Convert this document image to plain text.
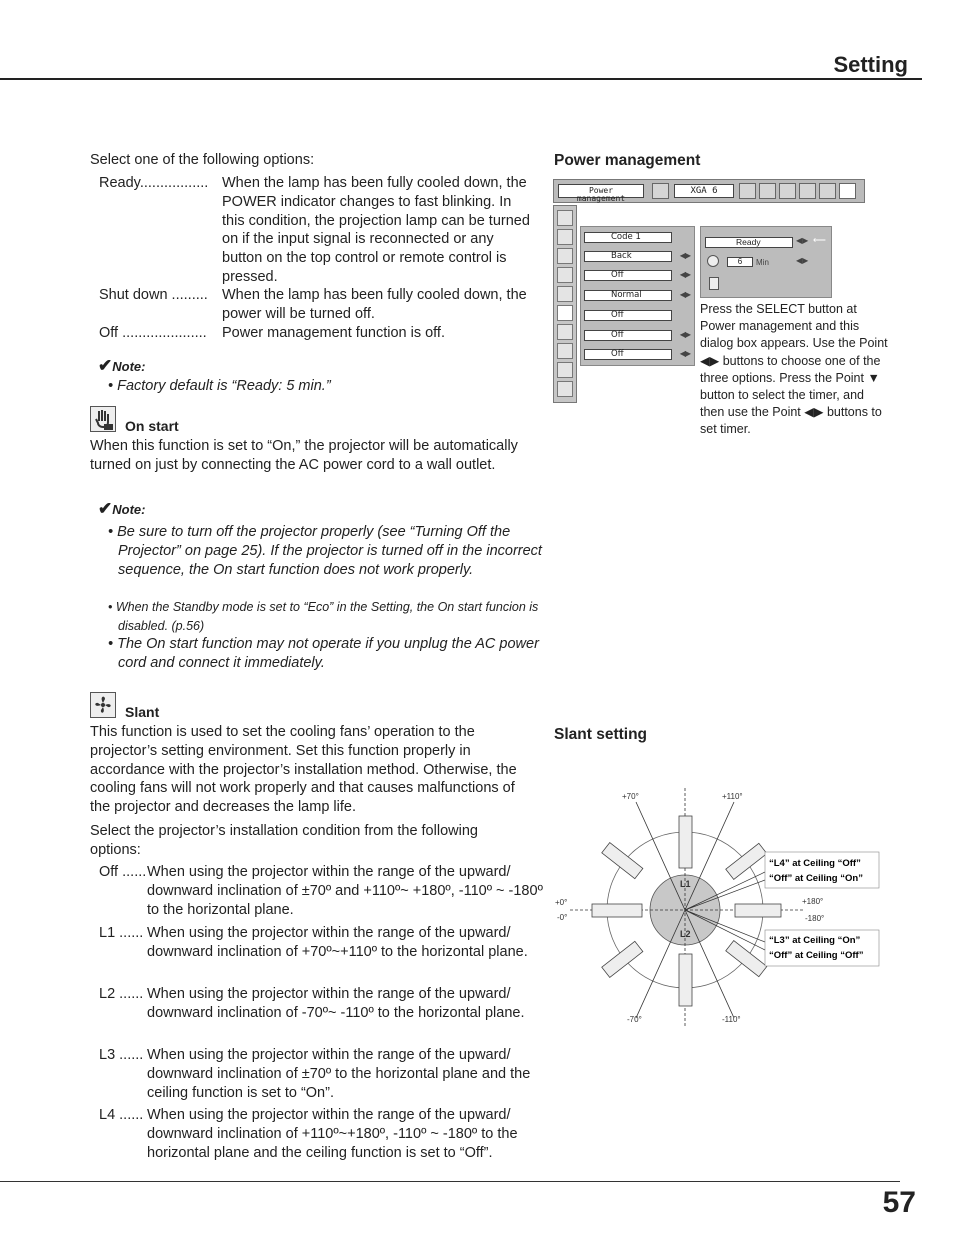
Setting
Select one of the following options:
Ready................. When the lamp has been fully cooled down, the POWER indicator changes to fast blinking. In this condition, the projection lamp can be turned on if the input signal is reconnected or any button on the top control or remote control is pressed.
Shut down ......... When the lamp has been fully cooled down, the power will be turned off.
Off ..................... Power management function is off.
✔Note:
• Factory default is “Ready: 5 min.”
On start
When this function is set to “On,” the projector will be automatically turned on just by connecting the AC power cord to a wall outlet.
✔Note:
• Be sure to turn off the projector properly (see “Turning Off the Projector” on page 25). If the projector is turned off in the incorrect sequence, the On start function does not work properly.
• When the Standby mode is set to “Eco” in the Setting, the On start funcion is disabled. (p.56)
• The On start function may not operate if you unplug the AC power cord and connect it immediately.
Slant
This function is used to set the cooling fans’ operation to the projector’s setting environment. Set this function properly in accordance with the projector’s installation method. Otherwise, the cooling fans will not work properly and that causes malfunctions of the projector and decreases the lamp life.
Select the projector’s installation condition from the following options:
Off ...... When using the projector within the range of the upward/ downward inclination of ±70º and +110º~ +180º, -110º ~ -180º to the horizontal plane.
L1 ...... When using the projector within the range of the upward/ downward inclination of +70º~+110º to the horizontal plane.
L2 ...... When using the projector within the range of the upward/ downward inclination of -70º~ -110º to the horizontal plane.
L3 ...... When using the projector within the range of the upward/ downward inclination of ±70º to the horizontal plane and the ceiling function is set to “On”.
L4 ...... When using the projector within the range of the upward/ downward inclination of +110º~+180º, -110º ~ -180º to the horizontal plane and the ceiling function is set to “Off”.
Power management
Power management
XGA 6
Code 1
Back	◀▶
Off	◀▶
Normal	◀▶
Off
Off	◀▶
Off	◀▶
Ready	◀▶ ⟵
6	Min	◀▶
Press the SELECT button at Power management and this dialog box appears. Use the Point ◀▶ buttons to choose one of the three options. Press the Point ▼ button to select the timer, and then use the Point ◀▶ buttons to set timer.
Slant setting
+70°	+110°
+0°
-0°
+180°
-180°
-70°	-110°
L1
L2
“L4” at Ceiling “Off”
“Off” at Ceiling “On”
“L3” at Ceiling “On”
“Off” at Ceiling “Off”
57
